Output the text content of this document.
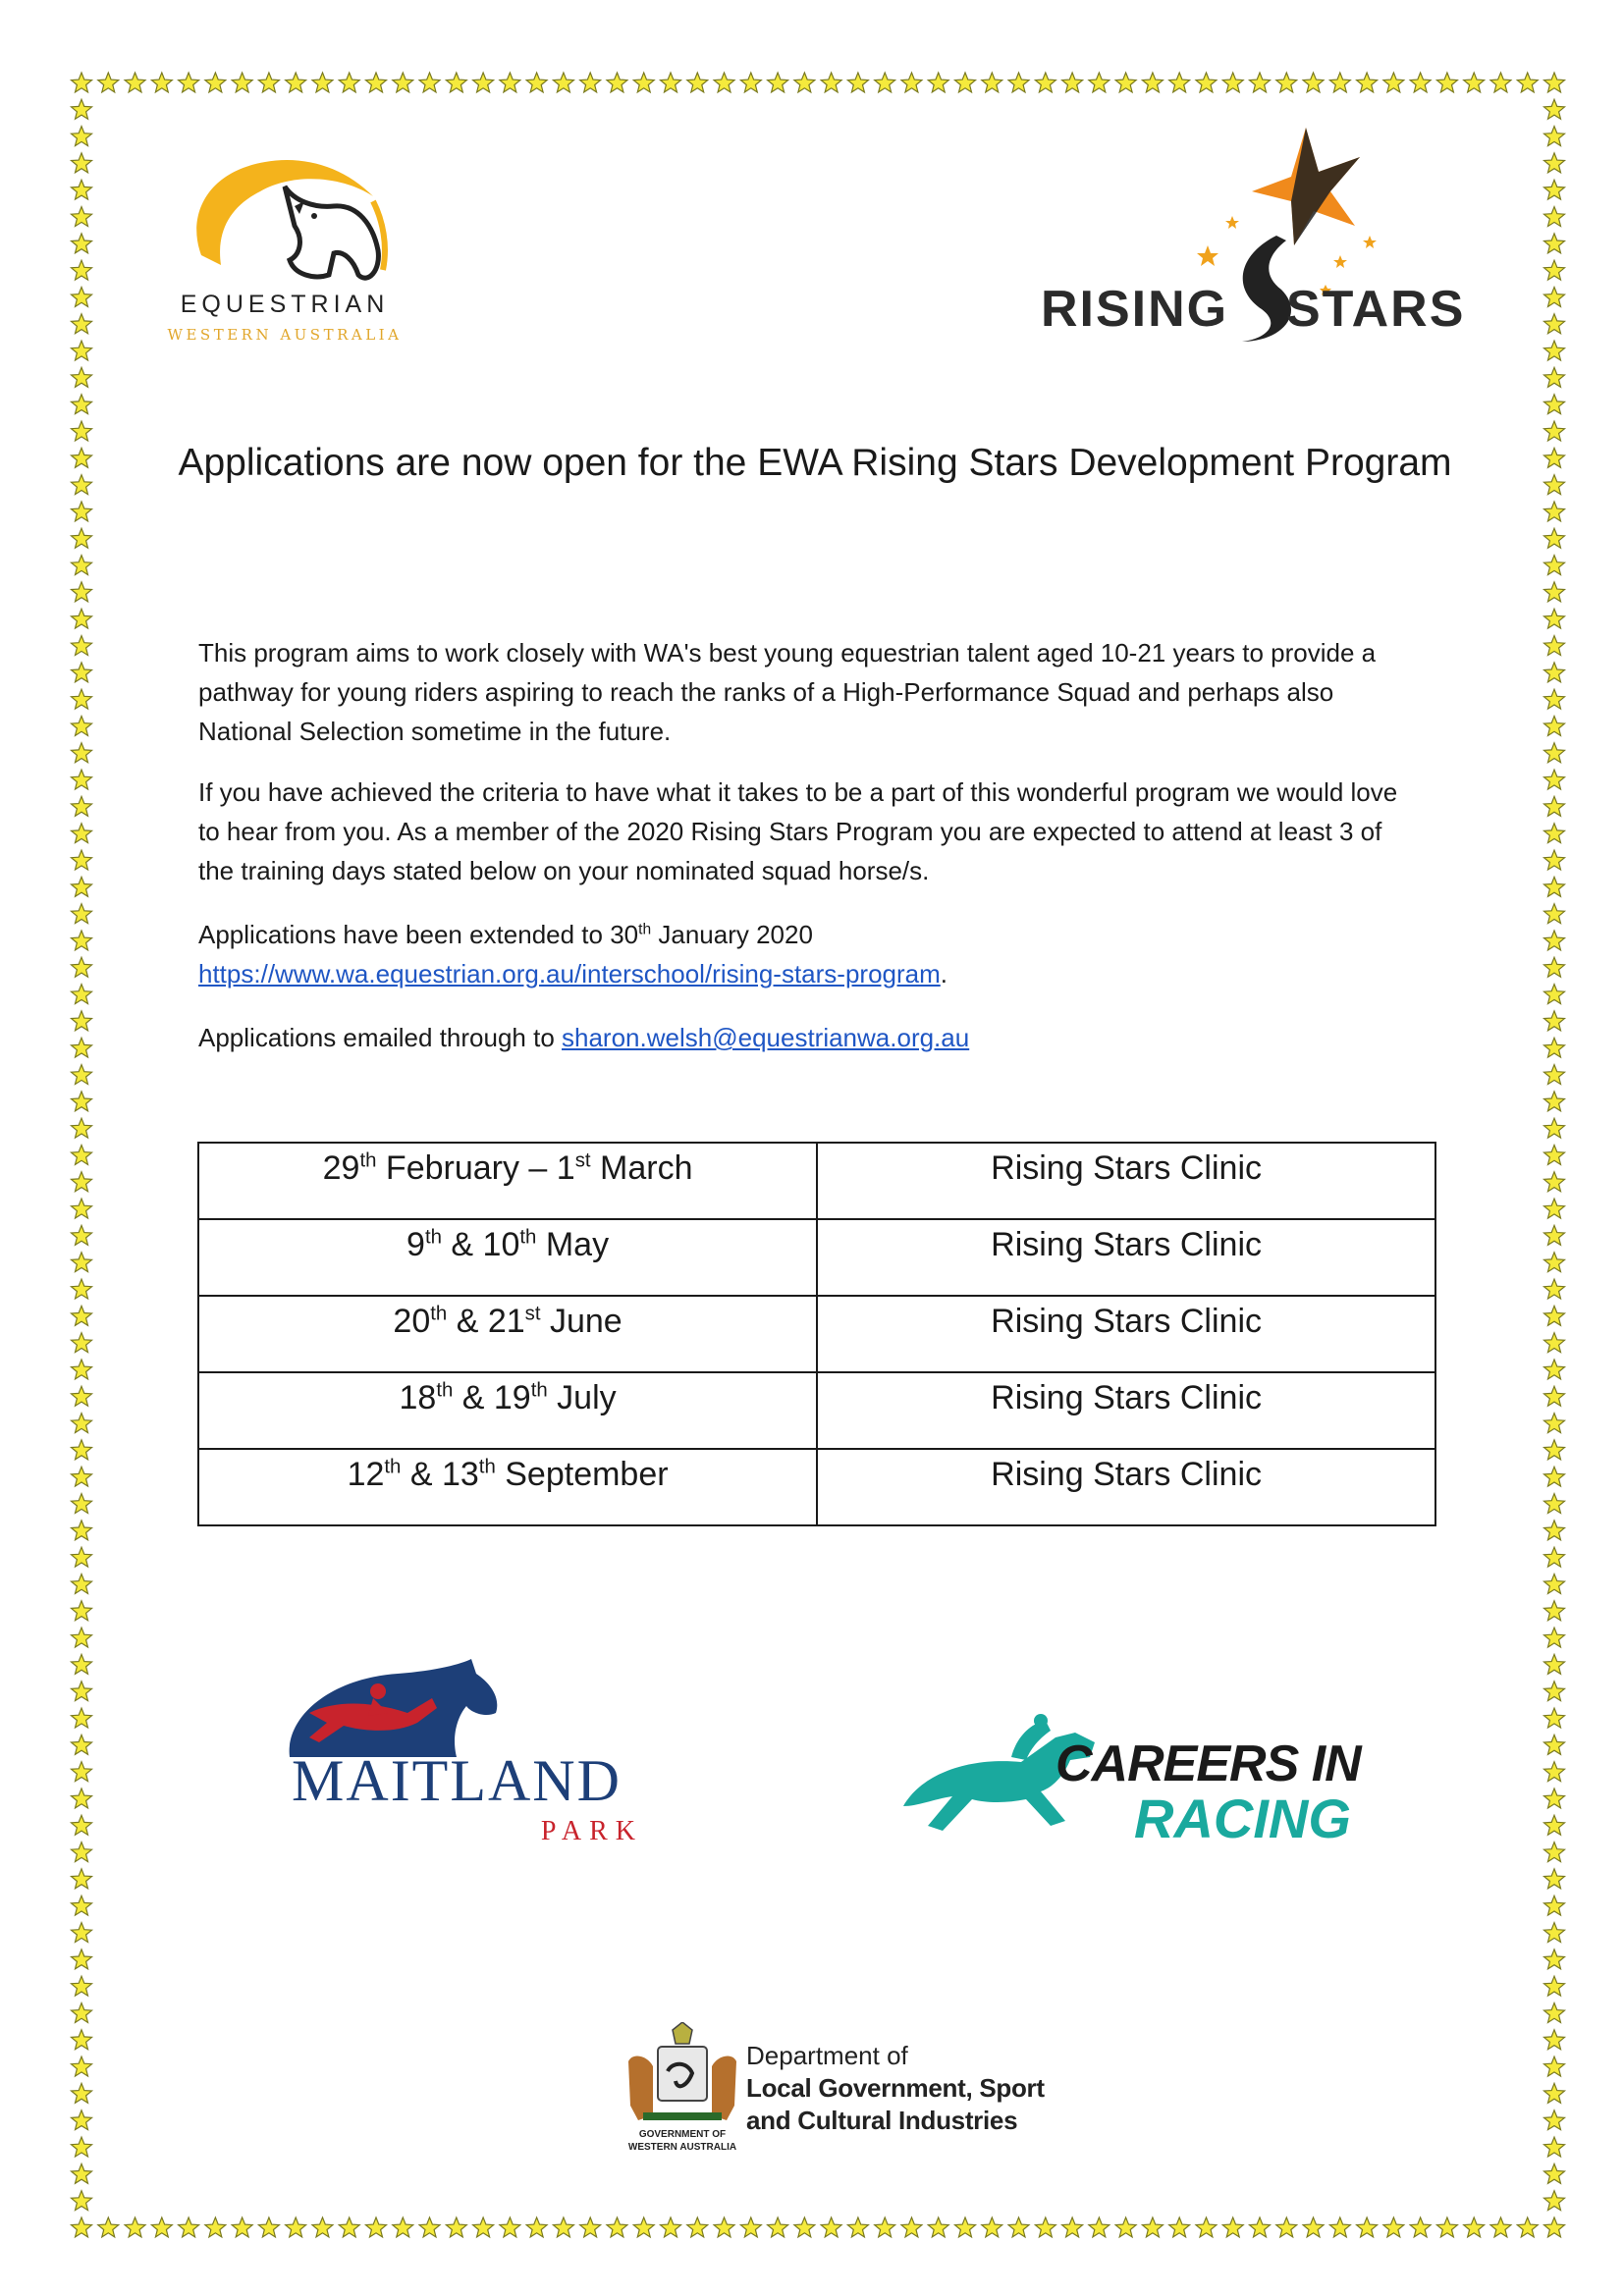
EQUESTRIAN
WESTERN AUSTRALIA	RISING STARS
Applications are now open for the EWA Rising Stars Development Program
This program aims to work closely with WA's best young equestrian talent aged 10-21 years to provide a pathway for young riders aspiring to reach the ranks of a High-Performance Squad and perhaps also National Selection sometime in the future.
If you have achieved the criteria to have what it takes to be a part of this wonderful program we would love to hear from you. As a member of the 2020 Rising Stars Program you are expected to attend at least 3 of the training days stated below on your nominated squad horse/s.
Applications have been extended to 30th January 2020
https://www.wa.equestrian.org.au/interschool/rising-stars-program.
Applications emailed through to sharon.welsh@equestrianwa.org.au
29th February – 1st March	Rising Stars Clinic
9th & 10th May	Rising Stars Clinic
20th & 21st June	Rising Stars Clinic
18th & 19th July	Rising Stars Clinic
12th & 13th September	Rising Stars Clinic
MAITLAND
PARK
CAREERS IN
RACING
GOVERNMENT OF
WESTERN AUSTRALIA
Department of
Local Government, Sport
and Cultural Industries
